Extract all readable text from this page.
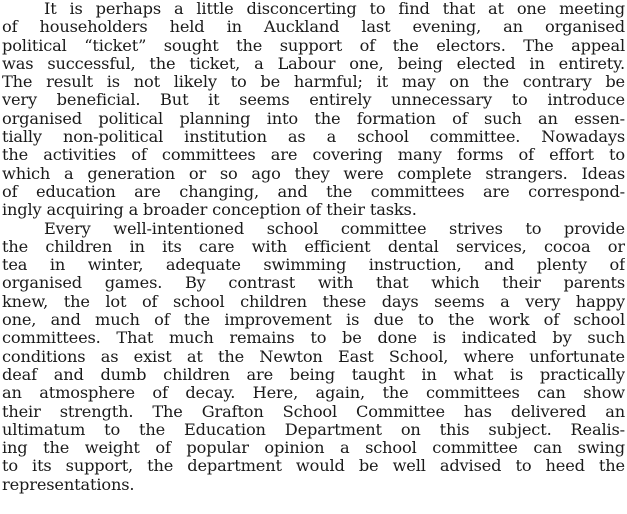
It is perhaps a little disconcerting to find that at one meeting
of householders held in Auckland last evening, an organised
political “ticket” sought the support of the electors. The appeal
was successful, the ticket, a Labour one, being elected in entirety.
The result is not likely to be harmful; it may on the contrary be
very beneficial. But it seems entirely unnecessary to introduce
organised political planning into the formation of such an essen-
tially non-political institution as a school committee. Nowadays
the activities of committees are covering many forms of effort to
which a generation or so ago they were complete strangers. Ideas
of education are changing, and the committees are correspond-
ingly acquiring a broader conception of their tasks.
Every well-intentioned school committee strives to provide
the children in its care with efficient dental services, cocoa or
tea in winter, adequate swimming instruction, and plenty of
organised games. By contrast with that which their parents
knew, the lot of school children these days seems a very happy
one, and much of the improvement is due to the work of school
committees. That much remains to be done is indicated by such
conditions as exist at the Newton East School, where unfortunate
deaf and dumb children are being taught in what is practically
an atmosphere of decay. Here, again, the committees can show
their strength. The Grafton School Committee has delivered an
ultimatum to the Education Department on this subject. Realis-
ing the weight of popular opinion a school committee can swing
to its support, the department would be well advised to heed the
representations.
